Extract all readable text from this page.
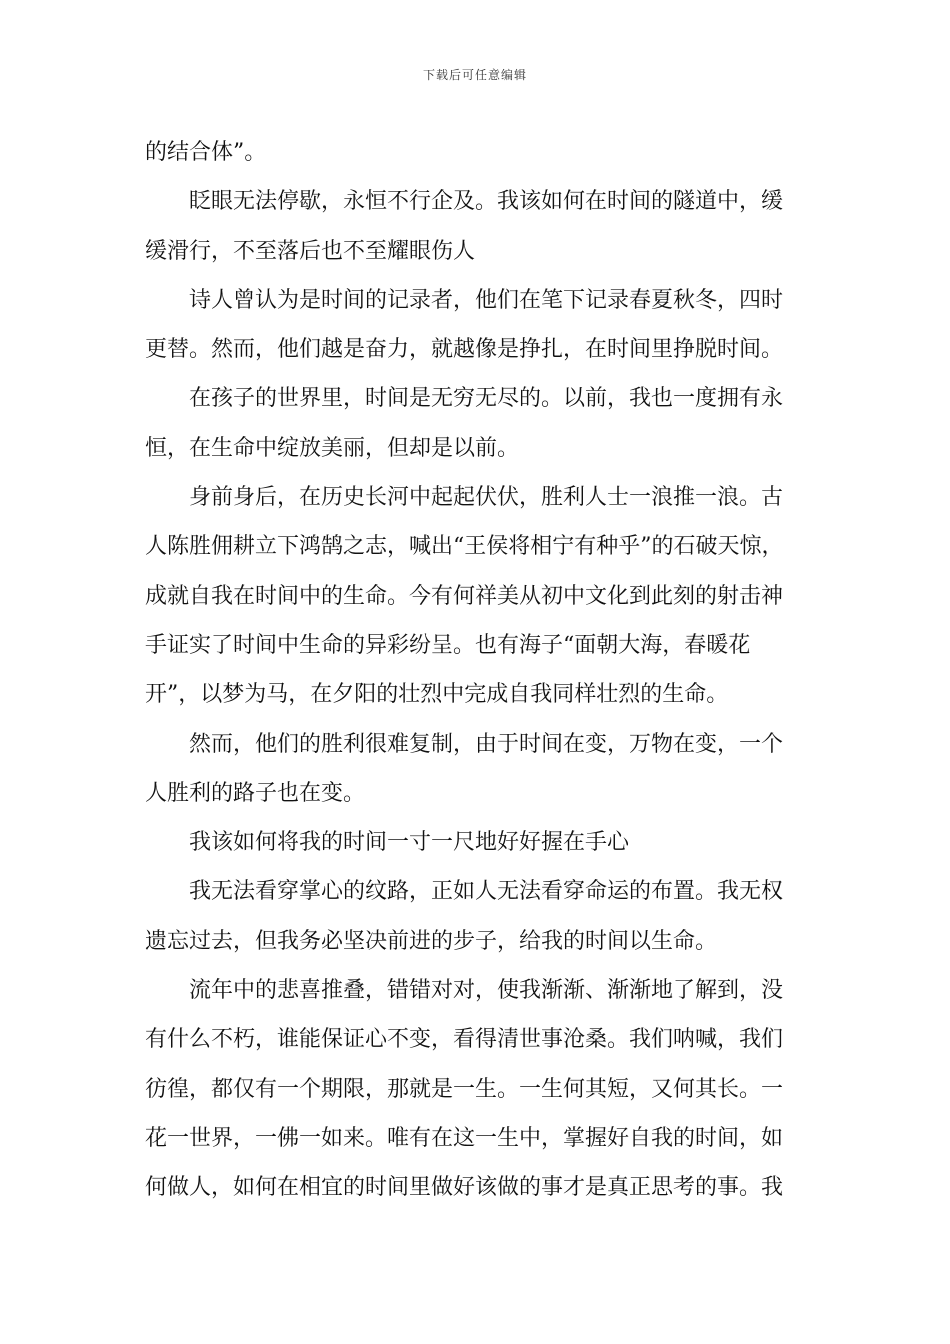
下载后可任意编辑
的结合体”。
眨眼无法停歇，永恒不行企及。我该如何在时间的隧道中，缓
缓滑行，不至落后也不至耀眼伤人
诗人曾认为是时间的记录者，他们在笔下记录春夏秋冬，四时
更替。然而，他们越是奋力，就越像是挣扎，在时间里挣脱时间。
在孩子的世界里，时间是无穷无尽的。以前，我也一度拥有永
恒，在生命中绽放美丽，但却是以前。
身前身后，在历史长河中起起伏伏，胜利人士一浪推一浪。古
人陈胜佣耕立下鸿鹄之志，喊出“王侯将相宁有种乎”的石破天惊，
成就自我在时间中的生命。今有何祥美从初中文化到此刻的射击神
手证实了时间中生命的异彩纷呈。也有海子“面朝大海，春暖花
开”，以梦为马，在夕阳的壮烈中完成自我同样壮烈的生命。
然而，他们的胜利很难复制，由于时间在变，万物在变，一个
人胜利的路子也在变。
我该如何将我的时间一寸一尺地好好握在手心
我无法看穿掌心的纹路，正如人无法看穿命运的布置。我无权
遗忘过去，但我务必坚决前进的步子，给我的时间以生命。
流年中的悲喜推叠，错错对对，使我渐渐、渐渐地了解到，没
有什么不朽，谁能保证心不变，看得清世事沧桑。我们呐喊，我们
彷徨，都仅有一个期限，那就是一生。一生何其短，又何其长。一
花一世界，一佛一如来。唯有在这一生中，掌握好自我的时间，如
何做人，如何在相宜的时间里做好该做的事才是真正思考的事。我
